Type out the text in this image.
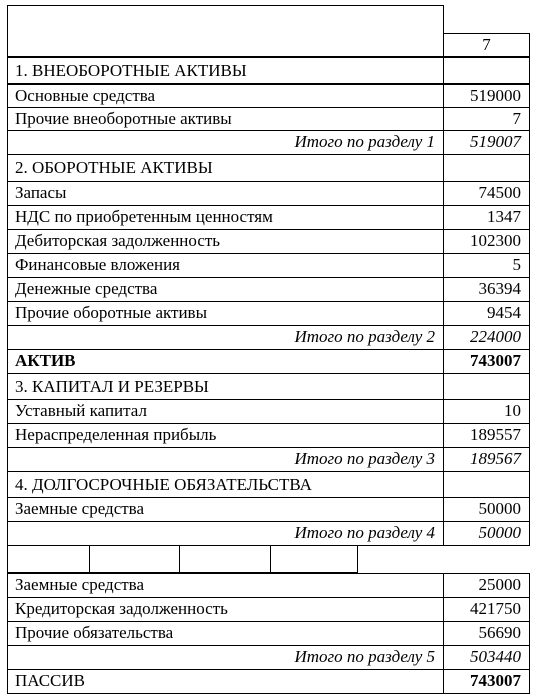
7
1. ВНЕОБОРОТНЫЕ АКТИВЫ
Основные средства	519000
Прочие внеоборотные активы	7
Итого по разделу 1	519007
2. ОБОРОТНЫЕ АКТИВЫ
Запасы	74500
НДС по приобретенным ценностям	1347
Дебиторская задолженность	102300
Финансовые вложения	5
Денежные средства	36394
Прочие оборотные активы	9454
Итого по разделу 2	224000
АКТИВ	743007
3. КАПИТАЛ И РЕЗЕРВЫ
Уставный капитал	10
Нераспределенная прибыль	189557
Итого по разделу 3	189567
4. ДОЛГОСРОЧНЫЕ ОБЯЗАТЕЛЬСТВА
Заемные средства	50000
Итого по разделу 4	50000
Заемные средства	25000
Кредиторская задолженность	421750
Прочие обязательства	56690
Итого по разделу 5	503440
ПАССИВ	743007
